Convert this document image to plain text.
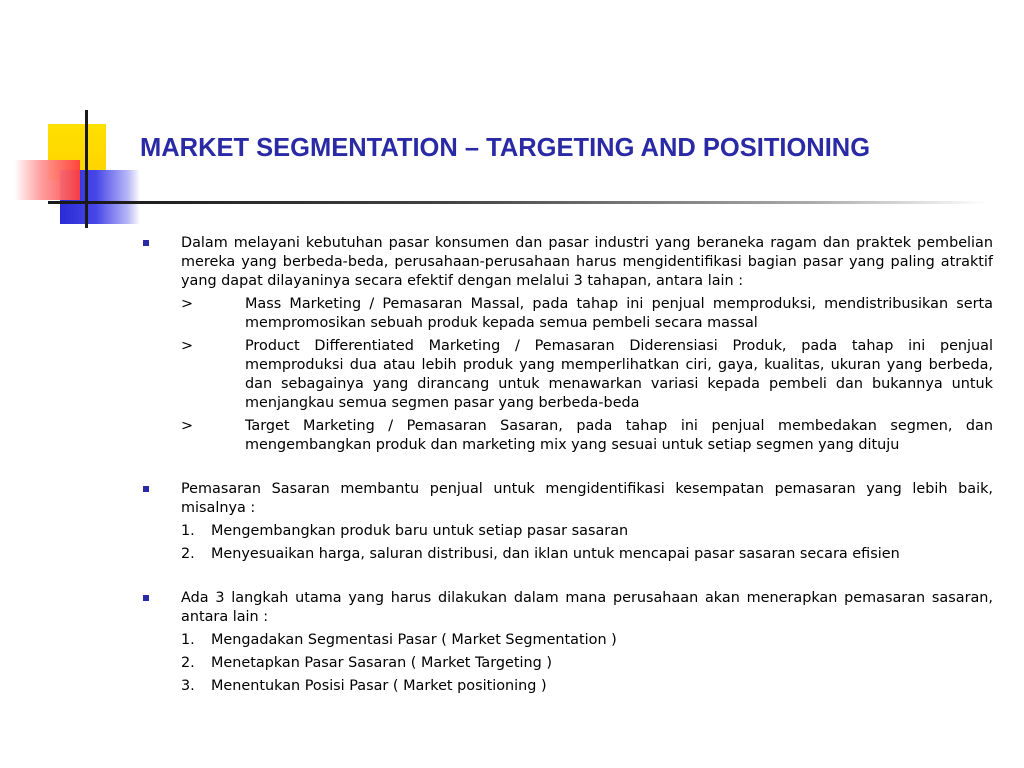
MARKET SEGMENTATION – TARGETING AND POSITIONING
Dalam melayani kebutuhan pasar konsumen dan pasar industri yang beraneka ragam dan praktek pembelian mereka yang berbeda-beda, perusahaan-perusahaan harus mengidentifikasi bagian pasar yang paling atraktif yang dapat dilayaninya secara efektif dengan melalui 3 tahapan, antara lain :
>	Mass Marketing / Pemasaran Massal, pada tahap ini penjual memproduksi, mendistribusikan serta mempromosikan sebuah produk kepada semua pembeli secara massal
>	Product Differentiated Marketing / Pemasaran Diderensiasi Produk, pada tahap ini penjual memproduksi dua atau lebih produk yang memperlihatkan ciri, gaya, kualitas, ukuran yang berbeda, dan sebagainya yang dirancang untuk menawarkan variasi kepada pembeli dan bukannya untuk menjangkau semua segmen pasar yang berbeda-beda
>	Target Marketing / Pemasaran Sasaran, pada tahap ini penjual membedakan segmen, dan mengembangkan produk dan marketing mix yang sesuai untuk setiap segmen yang dituju
Pemasaran Sasaran membantu penjual untuk mengidentifikasi kesempatan pemasaran yang lebih baik, misalnya :
1. Mengembangkan produk baru untuk setiap pasar sasaran
2. Menyesuaikan harga, saluran distribusi, dan iklan untuk mencapai pasar sasaran secara efisien
Ada 3 langkah utama yang harus dilakukan dalam mana perusahaan akan menerapkan pemasaran sasaran, antara lain :
1. Mengadakan Segmentasi Pasar ( Market Segmentation )
2. Menetapkan Pasar Sasaran ( Market Targeting )
3. Menentukan Posisi Pasar ( Market positioning )
